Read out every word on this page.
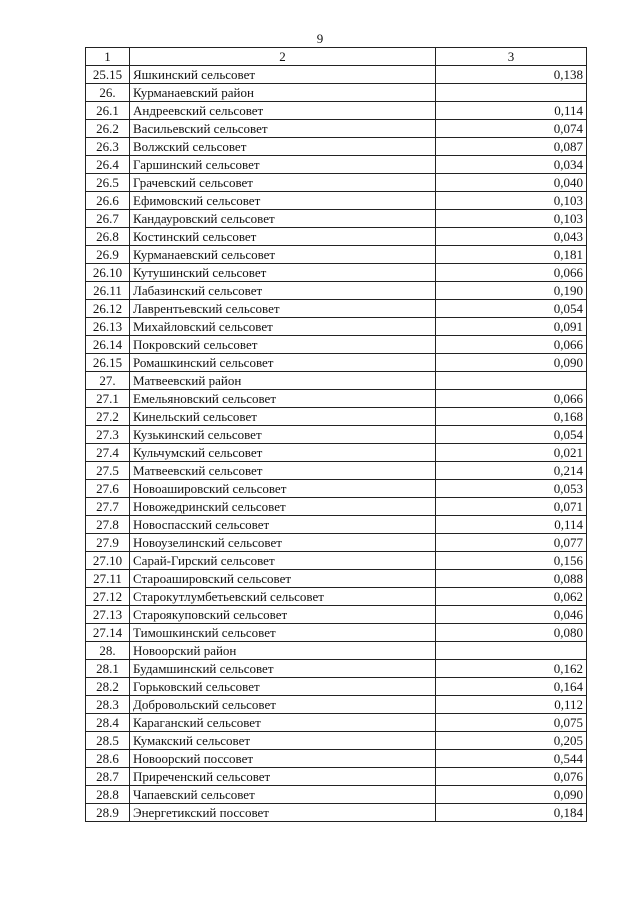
9
1	2	3
25.15	Яшкинский сельсовет	0,138
26.	Курманаевский район	
26.1	Андреевский сельсовет	0,114
26.2	Васильевский сельсовет	0,074
26.3	Волжский сельсовет	0,087
26.4	Гаршинский сельсовет	0,034
26.5	Грачевский сельсовет	0,040
26.6	Ефимовский сельсовет	0,103
26.7	Кандауровский сельсовет	0,103
26.8	Костинский сельсовет	0,043
26.9	Курманаевский сельсовет	0,181
26.10	Кутушинский сельсовет	0,066
26.11	Лабазинский сельсовет	0,190
26.12	Лаврентьевский сельсовет	0,054
26.13	Михайловский сельсовет	0,091
26.14	Покровский сельсовет	0,066
26.15	Ромашкинский сельсовет	0,090
27.	Матвеевский район	
27.1	Емельяновский сельсовет	0,066
27.2	Кинельский сельсовет	0,168
27.3	Кузькинский сельсовет	0,054
27.4	Кульчумский сельсовет	0,021
27.5	Матвеевский сельсовет	0,214
27.6	Новоашировский сельсовет	0,053
27.7	Новожедринский сельсовет	0,071
27.8	Новоспасский сельсовет	0,114
27.9	Новоузелинский сельсовет	0,077
27.10	Сарай-Гирский сельсовет	0,156
27.11	Староашировский сельсовет	0,088
27.12	Старокутлумбетьевский сельсовет	0,062
27.13	Староякуповский сельсовет	0,046
27.14	Тимошкинский сельсовет	0,080
28.	Новоорский район	
28.1	Будамшинский сельсовет	0,162
28.2	Горьковский сельсовет	0,164
28.3	Добровольский сельсовет	0,112
28.4	Караганский сельсовет	0,075
28.5	Кумакский сельсовет	0,205
28.6	Новоорский поссовет	0,544
28.7	Приреченский сельсовет	0,076
28.8	Чапаевский сельсовет	0,090
28.9	Энергетикский поссовет	0,184
